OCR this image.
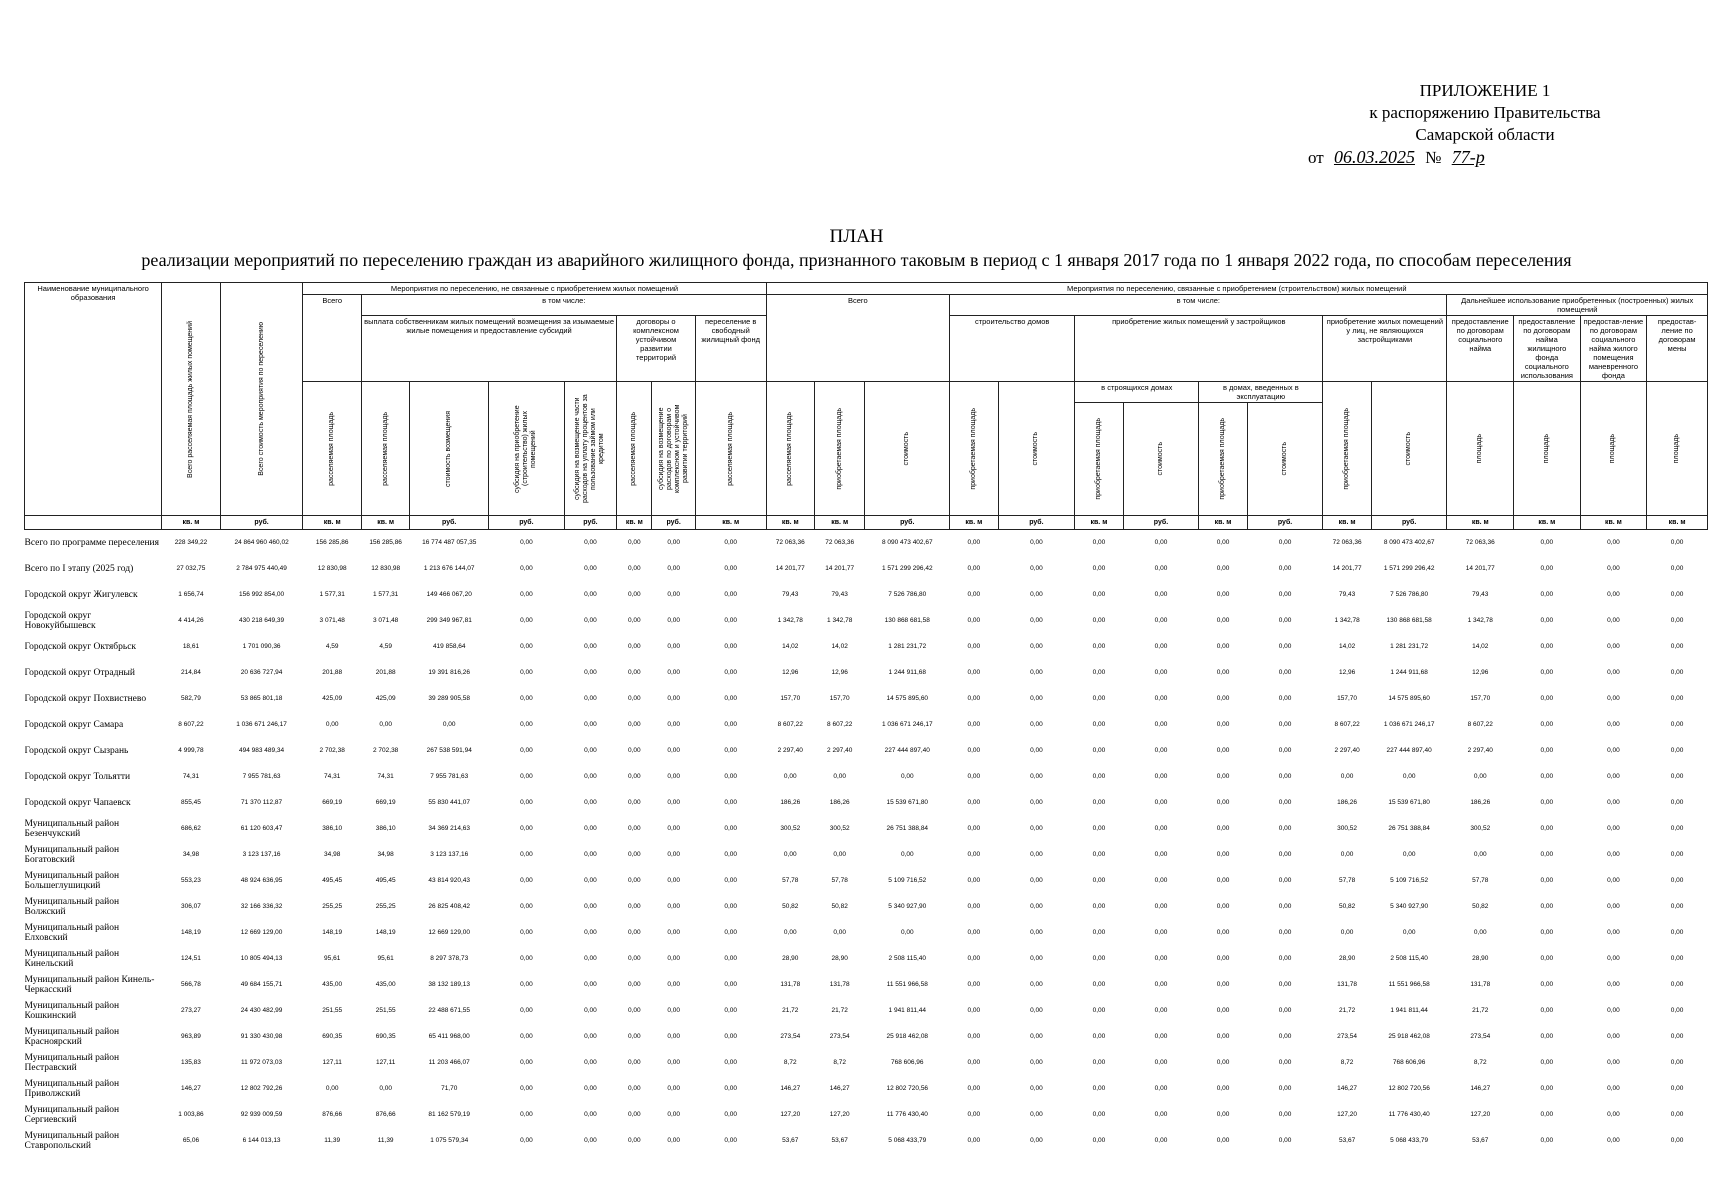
ПРИЛОЖЕНИЕ 1
к распоряжению Правительства
Самарской области
от 06.03.2025 № 77-р
ПЛАН
реализации мероприятий по переселению граждан из аварийного жилищного фонда, признанного таковым в период с 1 января 2017 года по 1 января 2022 года, по способам переселения
Наименование муниципального образования	Всего расселяемая площадь жилых помещений	Всего стоимость мероприятия по переселению	Мероприятия по переселению, не связанные с приобретением жилых помещений								Мероприятия по переселению, связанные с приобретением (строительством) жилых помещений														
			Всего	в том числе:							Всего			в том числе:								Дальнейшее использование приобретенных (построенных) жилых помещений			
				выплата собственникам жилых помещений возмещения за изымаемые жилые помещения и предоставление субсидий				договоры о комплексном устойчивом развитии территорий		переселение в свободный жилищный фонд				строительство домов		приобретение жилых помещений у застройщиков				приобретение жилых помещений у лиц, не являющихся застройщиками		предоставление по договорам социального найма	предоставление по договорам найма жилищного фонда социального использования	предостав-ление по договорам социального найма жилого помещения маневренного фонда	предостав-ление по договорам мены

			расселяемая площадь	расселяемая площадь	стоимость возмещения	субсидия на приобретение (строительство) жилых помещений	субсидия на возмещение части расходов на уплату процентов за пользование займом или кредитом	расселяемая площадь	субсидия на возмещение расходов по договорам о комплексном и устойчивом развитии территорий	расселяемая площадь	расселяемая площадь	приобретаемая площадь	стоимость	приобретаемая площадь	стоимость	в строящихся домах		в домах, введенных в эксплуатацию		приобретаемая площадь	стоимость	площадь	площадь	площадь	площадь

																приобретаемая площадь	стоимость	приобретаемая площадь	стоимость						

	кв. м	руб.	кв. м	кв. м	руб.	руб.	руб.	кв. м	руб.	кв. м	кв. м	кв. м	руб.	кв. м	руб.	кв. м	руб.	кв. м	руб.	кв. м	руб.	кв. м	кв. м	кв. м	кв. м
Всего по программе переселения	228 349,22	24 864 960 460,02	156 285,86	156 285,86	16 774 487 057,35	0,00	0,00	0,00	0,00	0,00	72 063,36	72 063,36	8 090 473 402,67	0,00	0,00	0,00	0,00	0,00	0,00	72 063,36	8 090 473 402,67	72 063,36	0,00	0,00	0,00
Всего по I этапу (2025 год)	27 032,75	2 784 975 440,49	12 830,98	12 830,98	1 213 676 144,07	0,00	0,00	0,00	0,00	0,00	14 201,77	14 201,77	1 571 299 296,42	0,00	0,00	0,00	0,00	0,00	0,00	14 201,77	1 571 299 296,42	14 201,77	0,00	0,00	0,00
Городской округ Жигулевск	1 656,74	156 992 854,00	1 577,31	1 577,31	149 466 067,20	0,00	0,00	0,00	0,00	0,00	79,43	79,43	7 526 786,80	0,00	0,00	0,00	0,00	0,00	0,00	79,43	7 526 786,80	79,43	0,00	0,00	0,00
Городской округ Новокуйбышевск	4 414,26	430 218 649,39	3 071,48	3 071,48	299 349 967,81	0,00	0,00	0,00	0,00	0,00	1 342,78	1 342,78	130 868 681,58	0,00	0,00	0,00	0,00	0,00	0,00	1 342,78	130 868 681,58	1 342,78	0,00	0,00	0,00
Городской округ Октябрьск	18,61	1 701 090,36	4,59	4,59	419 858,64	0,00	0,00	0,00	0,00	0,00	14,02	14,02	1 281 231,72	0,00	0,00	0,00	0,00	0,00	0,00	14,02	1 281 231,72	14,02	0,00	0,00	0,00
Городской округ Отрадный	214,84	20 636 727,94	201,88	201,88	19 391 816,26	0,00	0,00	0,00	0,00	0,00	12,96	12,96	1 244 911,68	0,00	0,00	0,00	0,00	0,00	0,00	12,96	1 244 911,68	12,96	0,00	0,00	0,00
Городской округ Похвистнево	582,79	53 865 801,18	425,09	425,09	39 289 905,58	0,00	0,00	0,00	0,00	0,00	157,70	157,70	14 575 895,60	0,00	0,00	0,00	0,00	0,00	0,00	157,70	14 575 895,60	157,70	0,00	0,00	0,00
Городской округ Самара	8 607,22	1 036 671 246,17	0,00	0,00	0,00	0,00	0,00	0,00	0,00	0,00	8 607,22	8 607,22	1 036 671 246,17	0,00	0,00	0,00	0,00	0,00	0,00	8 607,22	1 036 671 246,17	8 607,22	0,00	0,00	0,00
Городской округ Сызрань	4 999,78	494 983 489,34	2 702,38	2 702,38	267 538 591,94	0,00	0,00	0,00	0,00	0,00	2 297,40	2 297,40	227 444 897,40	0,00	0,00	0,00	0,00	0,00	0,00	2 297,40	227 444 897,40	2 297,40	0,00	0,00	0,00
Городской округ Тольятти	74,31	7 955 781,63	74,31	74,31	7 955 781,63	0,00	0,00	0,00	0,00	0,00	0,00	0,00	0,00	0,00	0,00	0,00	0,00	0,00	0,00	0,00	0,00	0,00	0,00	0,00	0,00
Городской округ Чапаевск	855,45	71 370 112,87	669,19	669,19	55 830 441,07	0,00	0,00	0,00	0,00	0,00	186,26	186,26	15 539 671,80	0,00	0,00	0,00	0,00	0,00	0,00	186,26	15 539 671,80	186,26	0,00	0,00	0,00
Муниципальный район Безенчукский	686,62	61 120 603,47	386,10	386,10	34 369 214,63	0,00	0,00	0,00	0,00	0,00	300,52	300,52	26 751 388,84	0,00	0,00	0,00	0,00	0,00	0,00	300,52	26 751 388,84	300,52	0,00	0,00	0,00
Муниципальный район Богатовский	34,98	3 123 137,16	34,98	34,98	3 123 137,16	0,00	0,00	0,00	0,00	0,00	0,00	0,00	0,00	0,00	0,00	0,00	0,00	0,00	0,00	0,00	0,00	0,00	0,00	0,00	0,00
Муниципальный район Большеглушицкий	553,23	48 924 636,95	495,45	495,45	43 814 920,43	0,00	0,00	0,00	0,00	0,00	57,78	57,78	5 109 716,52	0,00	0,00	0,00	0,00	0,00	0,00	57,78	5 109 716,52	57,78	0,00	0,00	0,00
Муниципальный район Волжский	306,07	32 166 336,32	255,25	255,25	26 825 408,42	0,00	0,00	0,00	0,00	0,00	50,82	50,82	5 340 927,90	0,00	0,00	0,00	0,00	0,00	0,00	50,82	5 340 927,90	50,82	0,00	0,00	0,00
Муниципальный район Елховский	148,19	12 669 129,00	148,19	148,19	12 669 129,00	0,00	0,00	0,00	0,00	0,00	0,00	0,00	0,00	0,00	0,00	0,00	0,00	0,00	0,00	0,00	0,00	0,00	0,00	0,00	0,00
Муниципальный район Кинельский	124,51	10 805 494,13	95,61	95,61	8 297 378,73	0,00	0,00	0,00	0,00	0,00	28,90	28,90	2 508 115,40	0,00	0,00	0,00	0,00	0,00	0,00	28,90	2 508 115,40	28,90	0,00	0,00	0,00
Муниципальный район Кинель-Черкасский	566,78	49 684 155,71	435,00	435,00	38 132 189,13	0,00	0,00	0,00	0,00	0,00	131,78	131,78	11 551 966,58	0,00	0,00	0,00	0,00	0,00	0,00	131,78	11 551 966,58	131,78	0,00	0,00	0,00
Муниципальный район Кошкинский	273,27	24 430 482,99	251,55	251,55	22 488 671,55	0,00	0,00	0,00	0,00	0,00	21,72	21,72	1 941 811,44	0,00	0,00	0,00	0,00	0,00	0,00	21,72	1 941 811,44	21,72	0,00	0,00	0,00
Муниципальный район Красноярский	963,89	91 330 430,98	690,35	690,35	65 411 968,00	0,00	0,00	0,00	0,00	0,00	273,54	273,54	25 918 462,08	0,00	0,00	0,00	0,00	0,00	0,00	273,54	25 918 462,08	273,54	0,00	0,00	0,00
Муниципальный район Пестравский	135,83	11 972 073,03	127,11	127,11	11 203 466,07	0,00	0,00	0,00	0,00	0,00	8,72	8,72	768 606,96	0,00	0,00	0,00	0,00	0,00	0,00	8,72	768 606,96	8,72	0,00	0,00	0,00
Муниципальный район Приволжский	146,27	12 802 792,26	0,00	0,00	71,70	0,00	0,00	0,00	0,00	0,00	146,27	146,27	12 802 720,56	0,00	0,00	0,00	0,00	0,00	0,00	146,27	12 802 720,56	146,27	0,00	0,00	0,00
Муниципальный район Сергиевский	1 003,86	92 939 009,59	876,66	876,66	81 162 579,19	0,00	0,00	0,00	0,00	0,00	127,20	127,20	11 776 430,40	0,00	0,00	0,00	0,00	0,00	0,00	127,20	11 776 430,40	127,20	0,00	0,00	0,00
Муниципальный район Ставропольский	65,06	6 144 013,13	11,39	11,39	1 075 579,34	0,00	0,00	0,00	0,00	0,00	53,67	53,67	5 068 433,79	0,00	0,00	0,00	0,00	0,00	0,00	53,67	5 068 433,79	53,67	0,00	0,00	0,00
